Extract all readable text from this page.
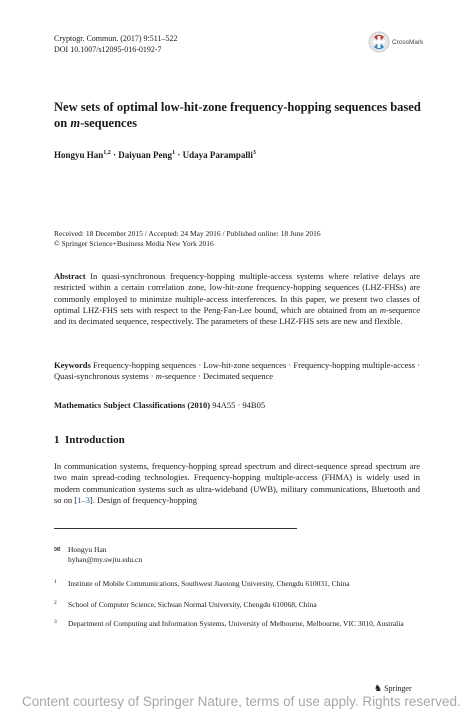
Cryptogr. Commun. (2017) 9:511–522
DOI 10.1007/s12095-016-0192-7
CrossMark
New sets of optimal low-hit-zone frequency-hopping sequences based on m-sequences
Hongyu Han$^{1,2}$ · Daiyuan Peng$^1$ · Udaya Parampalli$^3$
Received: 18 December 2015 / Accepted: 24 May 2016 / Published online: 18 June 2016
© Springer Science+Business Media New York 2016
Abstract In quasi-synchronous frequency-hopping multiple-access systems where relative delays are restricted within a certain correlation zone, low-hit-zone frequency-hopping sequences (LHZ-FHSs) are commonly employed to minimize multiple-access interferences. In this paper, we present two classes of optimal LHZ-FHS sets with respect to the Peng-Fan-Lee bound, which are obtained from an m-sequence and its decimated sequence, respectively. The parameters of these LHZ-FHS sets are new and flexible.
Keywords Frequency-hopping sequences · Low-hit-zone sequences · Frequency-hopping multiple-access · Quasi-synchronous systems · m-sequence · Decimated sequence
Mathematics Subject Classifications (2010) 94A55 · 94B05
1 Introduction
In communication systems, frequency-hopping spread spectrum and direct-sequence spread spectrum are two main spread-coding technologies. Frequency-hopping multiple-access (FHMA) is widely used in modern communication systems such as ultra-wideband (UWB), military communications, Bluetooth and so on [1–3]. Design of frequency-hopping
✉ Hongyu Han
hyhan@my.swjtu.edu.cn
1	Institute of Mobile Communications, Southwest Jiaotong University, Chengdu 610031, China
2	School of Computer Science, Sichuan Normal University, Chengdu 610068, China
3	Department of Computing and Information Systems, University of Melbourne, Melbourne, VIC 3010, Australia
♞ Springer
Content courtesy of Springer Nature, terms of use apply. Rights reserved.
